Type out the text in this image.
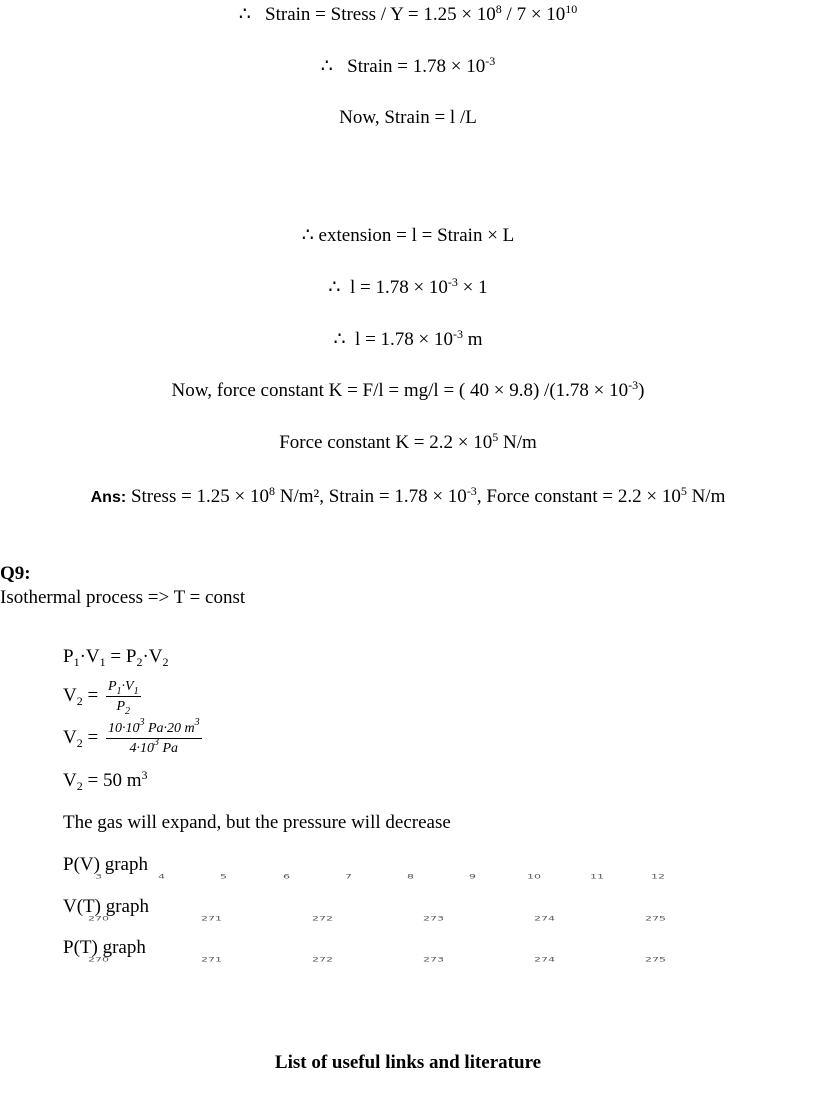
∴ Strain = Stress / $Y = 1.25 \times 10^8 / 7 \times 10^{10}$
∴ Strain = $1.78 \times 10^{-3}$
Now, Strain = l /L
∴ extension = l = Strain × L
∴ $l = 1.78 \times 10^{-3} \times 1$
∴ $l = 1.78 \times 10^{-3}$ m
Now, force constant K = F/l = mg/l = ( 40 × 9.8) $/(1.78 \times 10^{-3})$
Force constant $K = 2.2 \times 10^5$ N/m
Ans: Stress = $1.25 \times 10^8$ N/m², Strain = $1.78 \times 10^{-3}$, Force constant = $2.2 \times 10^5$ N/m
Q9:
Isothermal process => T = const
$P_1\cdot V_1 = P_2\cdot V_2$
$V_2 = \frac{P_1\cdot V_1}{P_2}$
$V_2 = \frac{10\cdot 10^3 Pa\cdot 20 m^3}{4\cdot 10^3 Pa}$
$V_2 = 50$ $m^3$
The gas will expand, but the pressure will decrease
3	4	5	6	7	8	9	10	11	12
P(V) graph
270	271	272	273	274	275
V(T) graph
270	271	272	273	274	275
P(T) graph
List of useful links and literature
